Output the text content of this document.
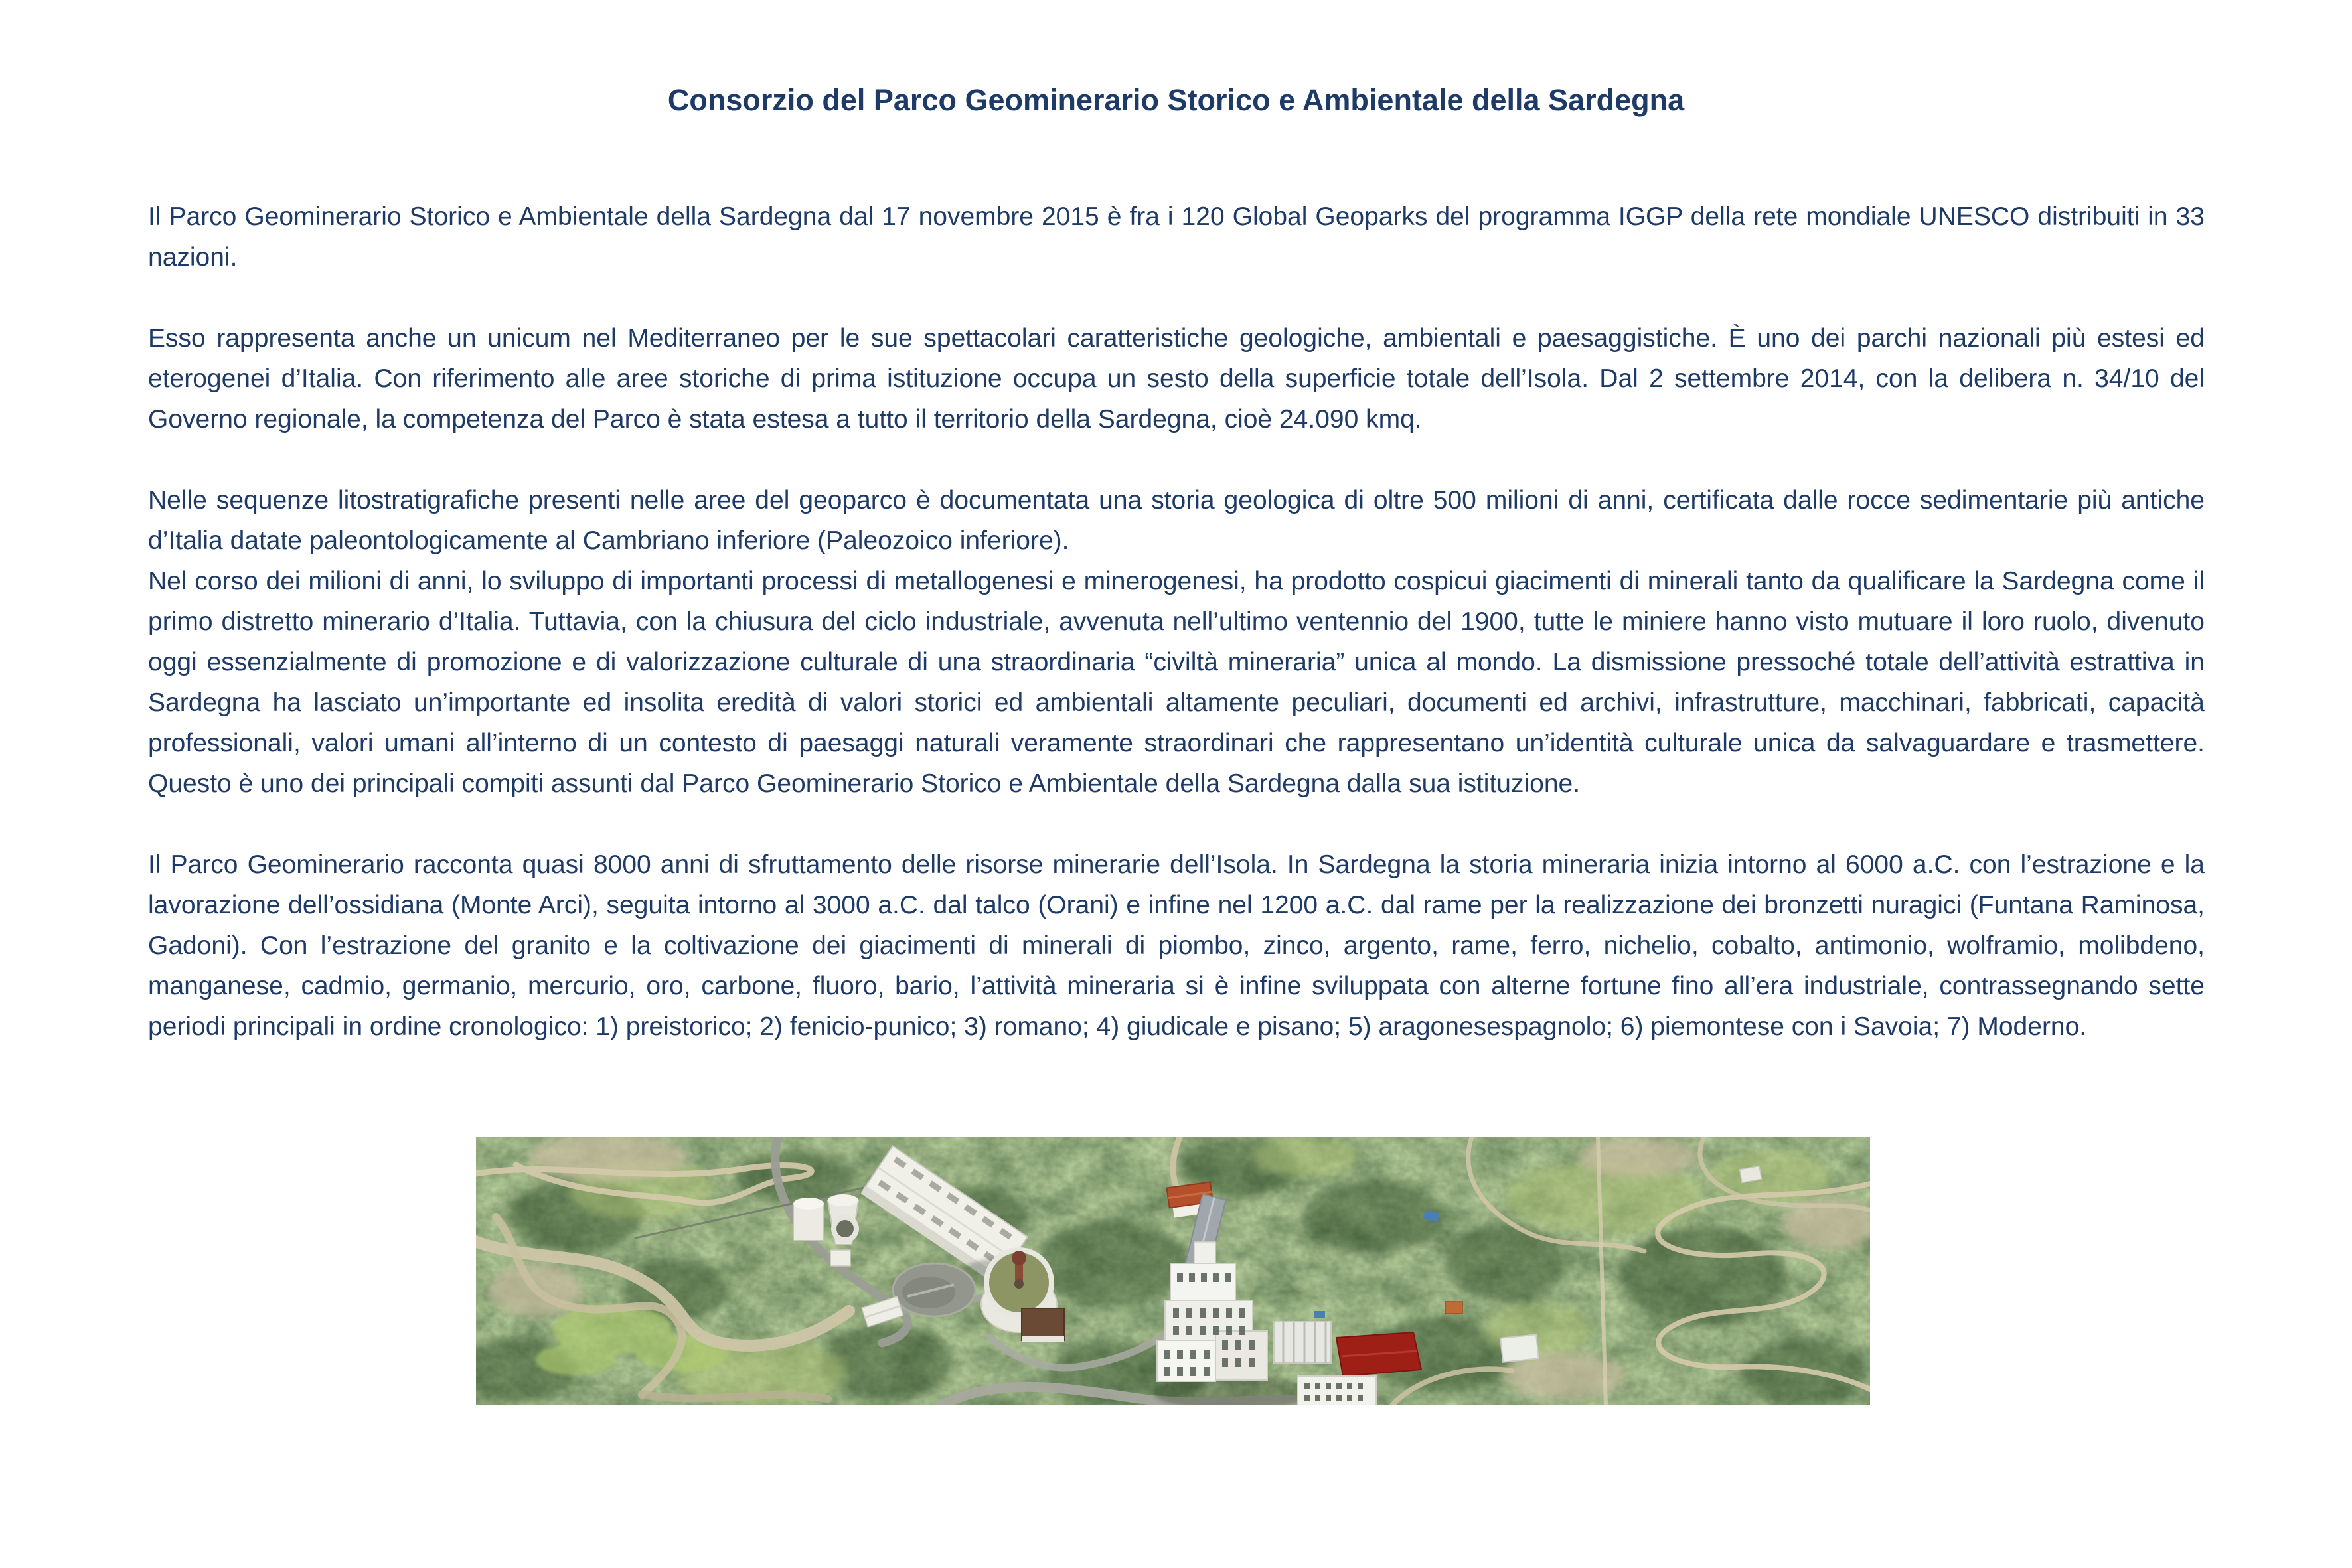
Consorzio del Parco Geominerario Storico e Ambientale della Sardegna

Il Parco Geominerario Storico e Ambientale della Sardegna dal 17 novembre 2015 è fra i 120 Global Geoparks del programma IGGP della rete mondiale UNESCO distribuiti in 33 nazioni.

Esso rappresenta anche un unicum nel Mediterraneo per le sue spettacolari caratteristiche geologiche, ambientali e paesaggistiche. È uno dei parchi nazionali più estesi ed eterogenei d’Italia. Con riferimento alle aree storiche di prima istituzione occupa un sesto della superficie totale dell’Isola. Dal 2 settembre 2014, con la delibera n. 34/10 del Governo regionale, la competenza del Parco è stata estesa a tutto il territorio della Sardegna, cioè 24.090 kmq.

Nelle sequenze litostratigrafiche presenti nelle aree del geoparco è documentata una storia geologica di oltre 500 milioni di anni, certificata dalle rocce sedimentarie più antiche d’Italia datate paleontologicamente al Cambriano inferiore (Paleozoico inferiore).

Nel corso dei milioni di anni, lo sviluppo di importanti processi di metallogenesi e minerogenesi, ha prodotto cospicui giacimenti di minerali tanto da qualificare la Sardegna come il primo distretto minerario d’Italia. Tuttavia, con la chiusura del ciclo industriale, avvenuta nell’ultimo ventennio del 1900, tutte le miniere hanno visto mutuare il loro ruolo, divenuto oggi essenzialmente di promozione e di valorizzazione culturale di una straordinaria “civiltà mineraria” unica al mondo. La dismissione pressoché totale dell’attività estrattiva in Sardegna ha lasciato un’importante ed insolita eredità di valori storici ed ambientali altamente peculiari, documenti ed archivi, infrastrutture, macchinari, fabbricati, capacità professionali, valori umani all’interno di un contesto di paesaggi naturali veramente straordinari che rappresentano un’identità culturale unica da salvaguardare e trasmettere. Questo è uno dei principali compiti assunti dal Parco Geominerario Storico e Ambientale della Sardegna dalla sua istituzione.

Il Parco Geominerario racconta quasi 8000 anni di sfruttamento delle risorse minerarie dell’Isola. In Sardegna la storia mineraria inizia intorno al 6000 a.C. con l’estrazione e la lavorazione dell’ossidiana (Monte Arci), seguita intorno al 3000 a.C. dal talco (Orani) e infine nel 1200 a.C. dal rame per la realizzazione dei bronzetti nuragici (Funtana Raminosa, Gadoni). Con l’estrazione del granito e la coltivazione dei giacimenti di minerali di piombo, zinco, argento, rame, ferro, nichelio, cobalto, antimonio, wolframio, molibdeno, manganese, cadmio, germanio, mercurio, oro, carbone, fluoro, bario, l’attività mineraria si è infine sviluppata con alterne fortune fino all’era industriale, contrassegnando sette periodi principali in ordine cronologico: 1) preistorico; 2) fenicio-punico; 3) romano; 4) giudicale e pisano; 5) aragonesespagnolo; 6) piemontese con i Savoia; 7) Moderno.
